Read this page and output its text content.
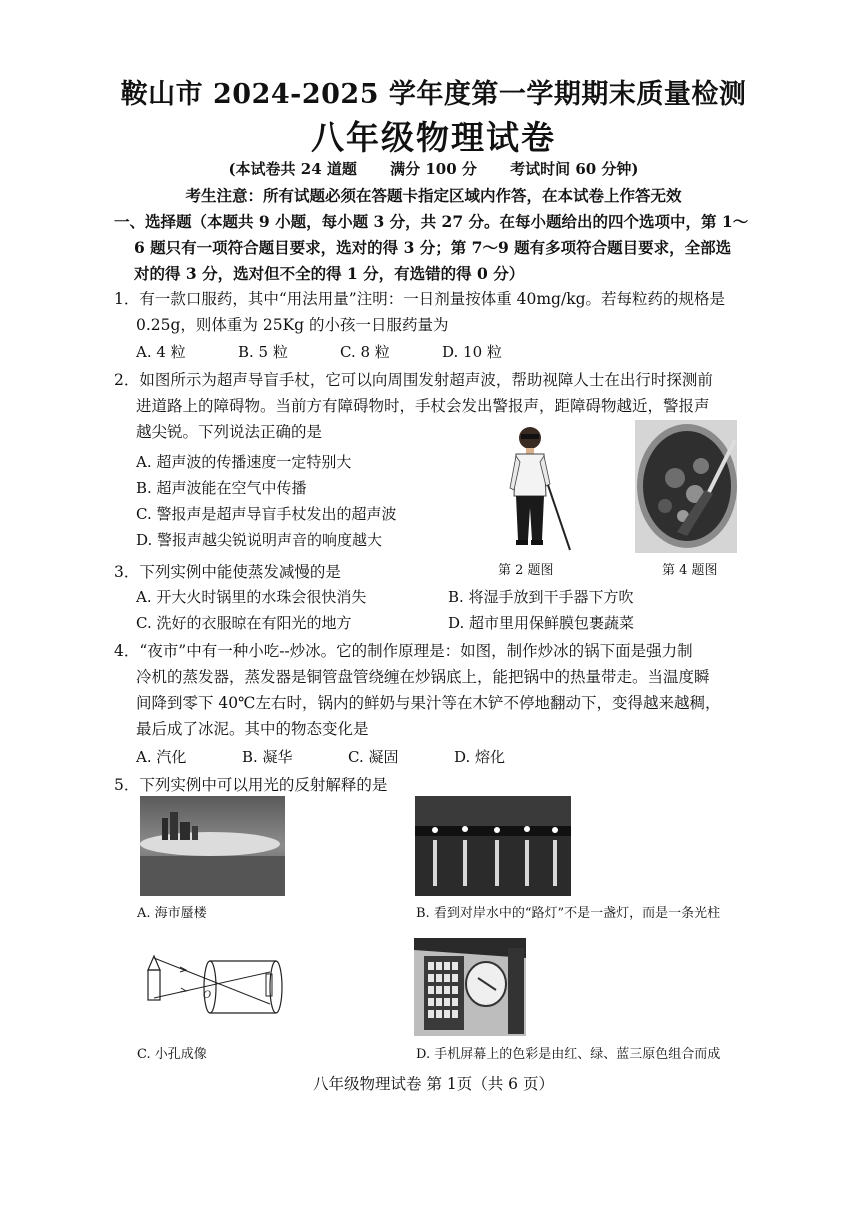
鞍山市 2024-2025 学年度第一学期期末质量检测
八年级物理试卷
(本试卷共 24 道题 满分 100 分 考试时间 60 分钟)
考生注意：所有试题必须在答题卡指定区域内作答，在本试卷上作答无效
一、选择题（本题共 9 小题，每小题 3 分，共 27 分。在每小题给出的四个选项中，第 1～

6 题只有一项符合题目要求，选对的得 3 分；第 7～9 题有多项符合题目要求，全部选
对的得 3 分，选对但不全的得 1 分，有选错的得 0 分）
1．有一款口服药，其中“用法用量”注明：一日剂量按体重 40mg/kg。若每粒药的规格是
0.25g，则体重为 25Kg 的小孩一日服药量为
A. 4 粒	B. 5 粒	C. 8 粒	D. 10 粒
2．如图所示为超声导盲手杖，它可以向周围发射超声波，帮助视障人士在出行时探测前
进道路上的障碍物。当前方有障碍物时，手杖会发出警报声，距障碍物越近，警报声
越尖锐。下列说法正确的是
A. 超声波的传播速度一定特别大
B. 超声波能在空气中传播
C. 警报声是超声导盲手杖发出的超声波
D. 警报声越尖锐说明声音的响度越大
第 2 题图	第 4 题图
3．下列实例中能使蒸发减慢的是
A. 开大火时锅里的水珠会很快消失	B. 将湿手放到干手器下方吹
C. 洗好的衣服晾在有阳光的地方	D. 超市里用保鲜膜包裹蔬菜
4．“夜市”中有一种小吃--炒冰。它的制作原理是：如图，制作炒冰的锅下面是强力制
冷机的蒸发器，蒸发器是铜管盘管绕缠在炒锅底上，能把锅中的热量带走。当温度瞬
间降到零下 40℃左右时，锅内的鲜奶与果汁等在木铲不停地翻动下，变得越来越稠，
最后成了冰泥。其中的物态变化是
A. 汽化	B. 凝华	C. 凝固	D. 熔化
5．下列实例中可以用光的反射解释的是
A. 海市蜃楼	B. 看到对岸水中的“路灯”不是一盏灯，而是一条光柱
O
C. 小孔成像	D. 手机屏幕上的色彩是由红、绿、蓝三原色组合而成
八年级物理试卷 第 1页（共 6 页）
